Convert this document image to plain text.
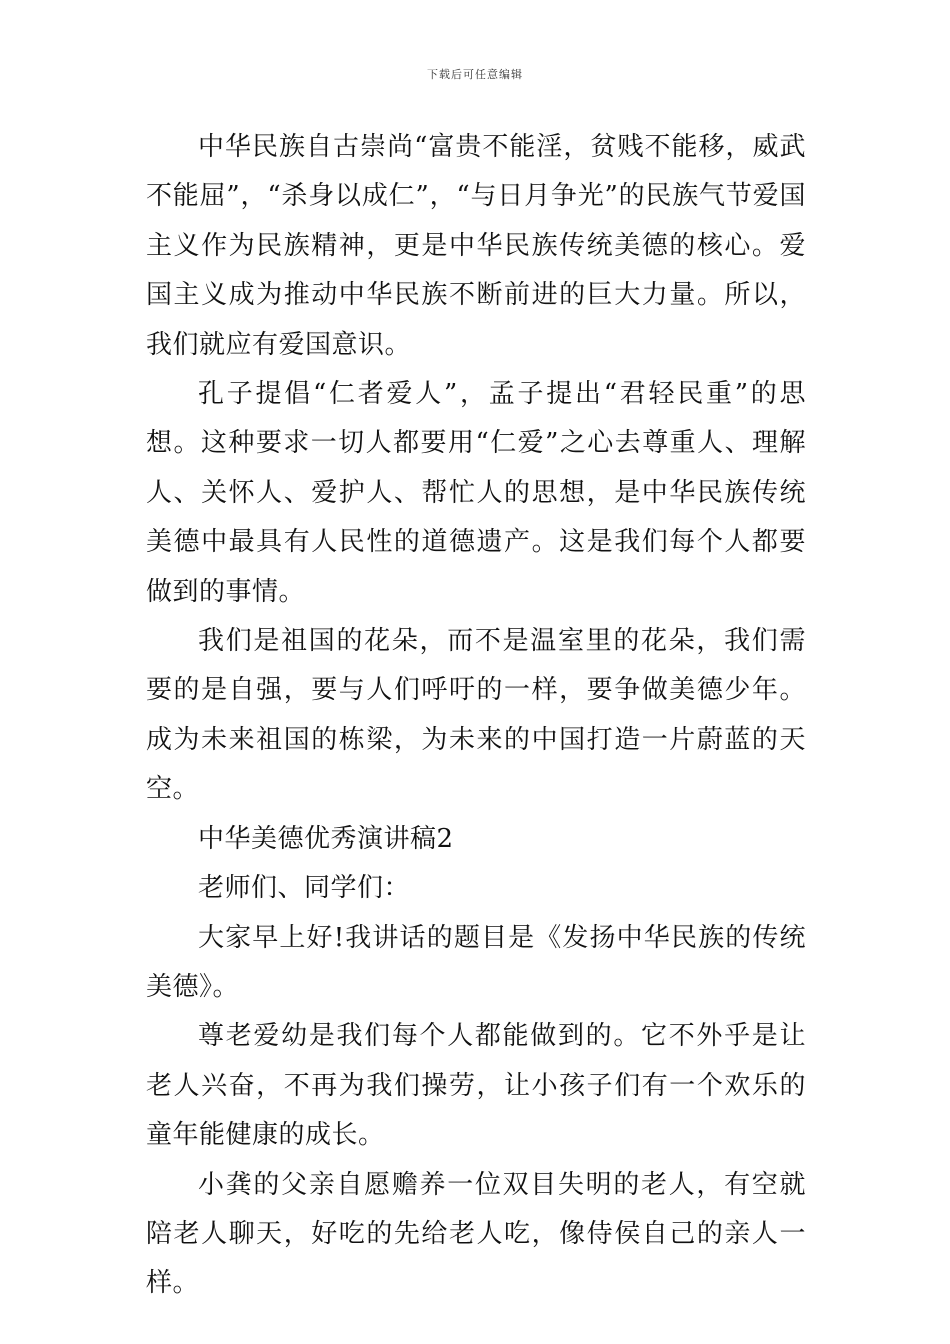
下载后可任意编辑

中华民族自古崇尚“富贵不能淫，贫贱不能移，威武不能屈”，“杀身以成仁”，“与日月争光”的民族气节爱国主义作为民族精神，更是中华民族传统美德的核心。爱国主义成为推动中华民族不断前进的巨大力量。所以，我们就应有爱国意识。

孔子提倡“仁者爱人”，孟子提出“君轻民重”的思想。这种要求一切人都要用“仁爱”之心去尊重人、理解人、关怀人、爱护人、帮忙人的思想，是中华民族传统美德中最具有人民性的道德遗产。这是我们每个人都要做到的事情。

我们是祖国的花朵，而不是温室里的花朵，我们需要的是自强，要与人们呼吁的一样，要争做美德少年。成为未来祖国的栋梁，为未来的中国打造一片蔚蓝的天空。

中华美德优秀演讲稿2

老师们、同学们：

大家早上好!我讲话的题目是《发扬中华民族的传统美德》。

尊老爱幼是我们每个人都能做到的。它不外乎是让老人兴奋，不再为我们操劳，让小孩子们有一个欢乐的童年能健康的成长。

小龚的父亲自愿赡养一位双目失明的老人，有空就陪老人聊天，好吃的先给老人吃，像侍侯自己的亲人一样。
